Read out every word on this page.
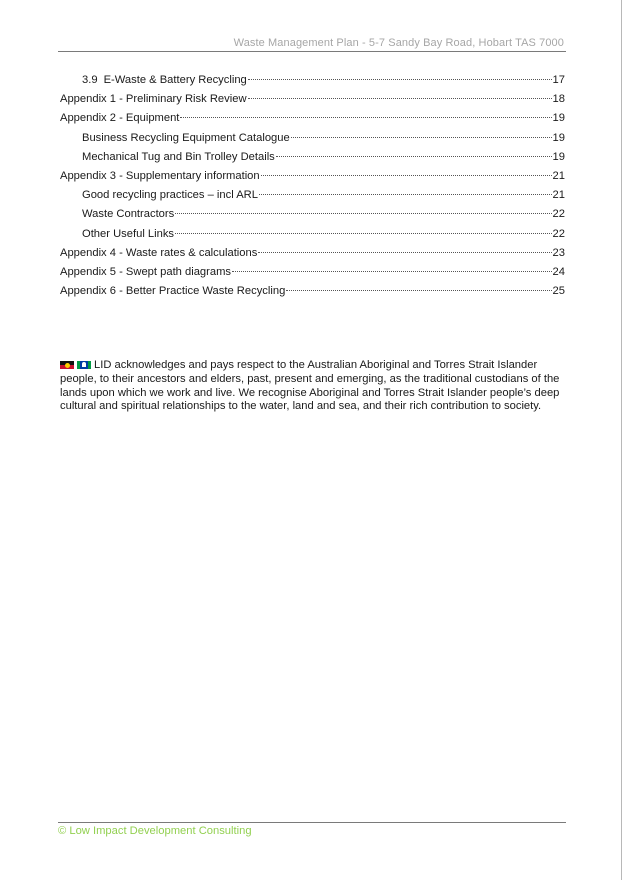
Waste Management Plan - 5-7 Sandy Bay Road, Hobart TAS 7000
3.9 E-Waste & Battery Recycling	17
Appendix 1 - Preliminary Risk Review	18
Appendix 2 - Equipment	19
Business Recycling Equipment Catalogue	19
Mechanical Tug and Bin Trolley Details	19
Appendix 3 - Supplementary information	21
Good recycling practices – incl ARL	21
Waste Contractors	22
Other Useful Links	22
Appendix 4 - Waste rates & calculations	23
Appendix 5 - Swept path diagrams	24
Appendix 6 - Better Practice Waste Recycling	25
LID acknowledges and pays respect to the Australian Aboriginal and Torres Strait Islander people, to their ancestors and elders, past, present and emerging, as the traditional custodians of the lands upon which we work and live. We recognise Aboriginal and Torres Strait Islander people’s deep cultural and spiritual relationships to the water, land and sea, and their rich contribution to society.
© Low Impact Development Consulting
